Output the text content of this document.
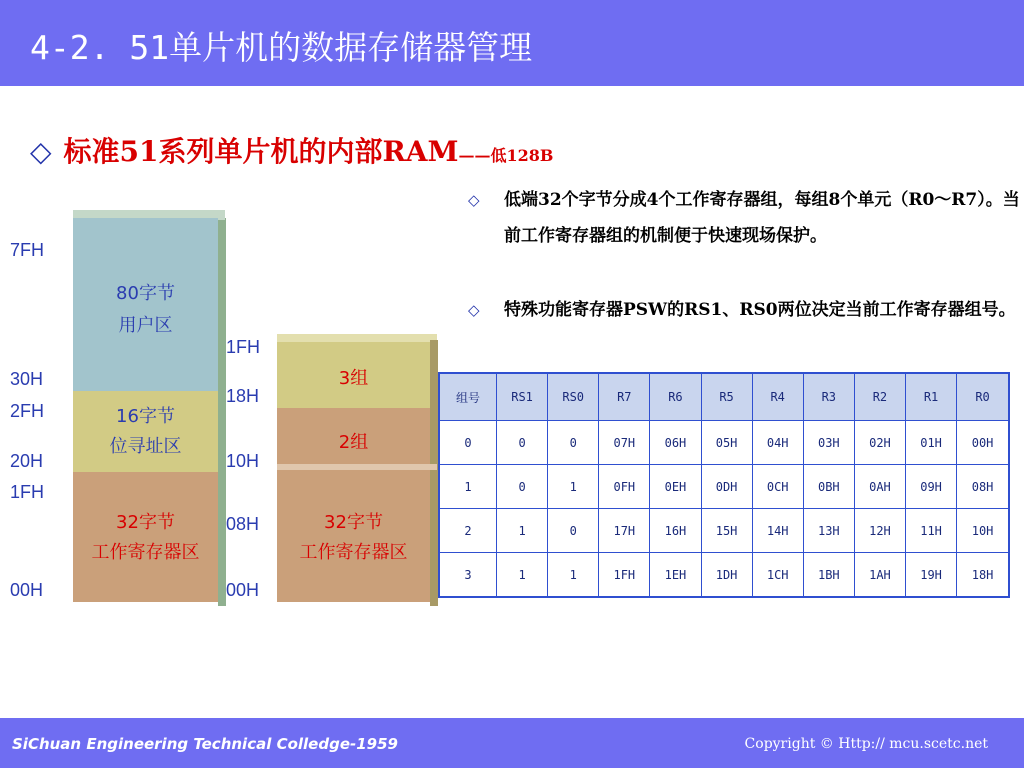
4-2. 51单片机的数据存储器管理
◇ 标准51系列单片机的内部RAM——低128B
◇ 低端32个字节分成4个工作寄存器组，每组8个单元（R0～R7）。当前工作寄存器组的机制便于快速现场保护。
◇ 特殊功能寄存器PSW的RS1、RS0两位决定当前工作寄存器组号。
80字节
用户区
16字节
位寻址区
32字节
工作寄存器区
7FH
30H
2FH
20H
1FH
00H
3组
2组
32字节
工作寄存器区
1FH
18H
10H
08H
00H
组号	RS1	RS0	R7	R6	R5	R4	R3	R2	R1	R0
0	0	0	07H	06H	05H	04H	03H	02H	01H	00H
1	0	1	0FH	0EH	0DH	0CH	0BH	0AH	09H	08H
2	1	0	17H	16H	15H	14H	13H	12H	11H	10H
3	1	1	1FH	1EH	1DH	1CH	1BH	1AH	19H	18H
SiChuan Engineering Technical Colledge-1959	Copyright © Http:// mcu.scetc.net
